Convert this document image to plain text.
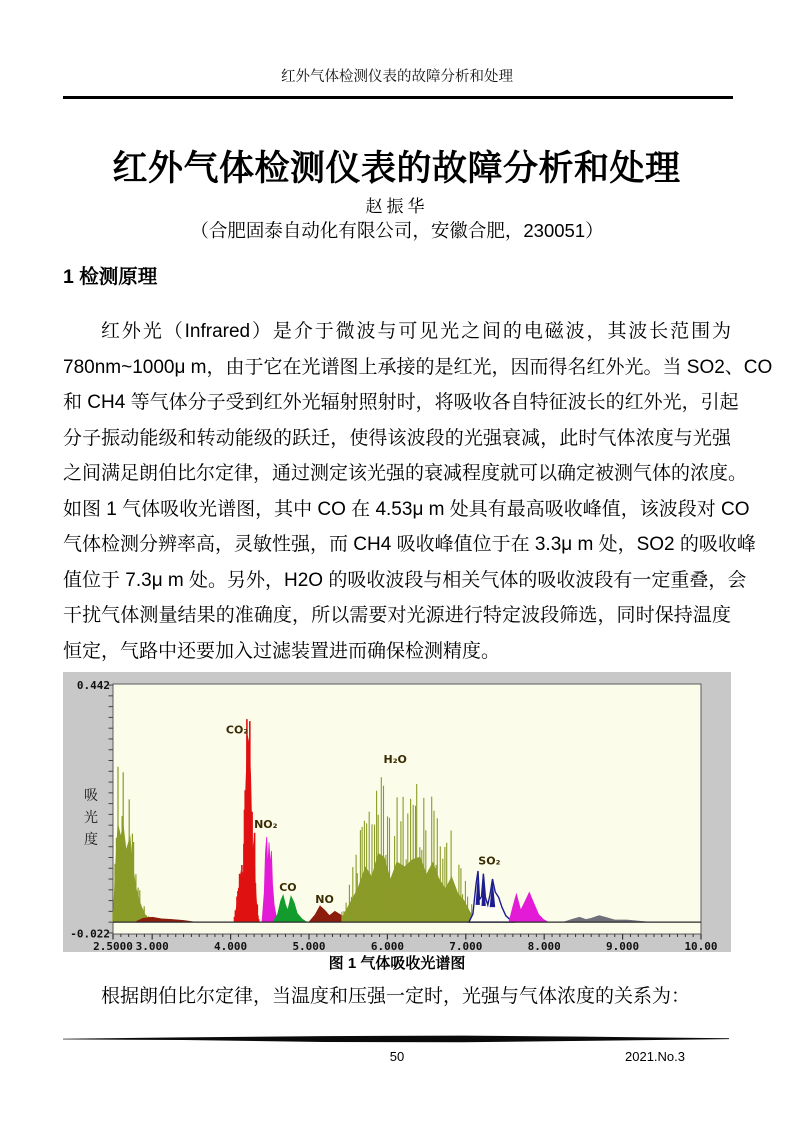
红外气体检测仪表的故障分析和处理
红外气体检测仪表的故障分析和处理
赵振华
（合肥固泰自动化有限公司，安徽合肥，230051）
1 检测原理
红外光（Infrared）是介于微波与可见光之间的电磁波，其波长范围为
780nm~1000μ m，由于它在光谱图上承接的是红光，因而得名红外光。当 SO2、CO
和 CH4 等气体分子受到红外光辐射照射时，将吸收各自特征波长的红外光，引起
分子振动能级和转动能级的跃迁，使得该波段的光强衰减，此时气体浓度与光强
之间满足朗伯比尔定律，通过测定该光强的衰减程度就可以确定被测气体的浓度。
如图 1 气体吸收光谱图，其中 CO 在 4.53μ m 处具有最高吸收峰值，该波段对 CO
气体检测分辨率高，灵敏性强，而 CH4 吸收峰值位于在 3.3μ m 处，SO2 的吸收峰
值位于 7.3μ m 处。另外，H2O 的吸收波段与相关气体的吸收波段有一定重叠，会
干扰气体测量结果的准确度，所以需要对光源进行特定波段筛选，同时保持温度
恒定，气路中还要加入过滤装置进而确保检测精度。
CO₂
NO₂
CO
NO
H₂O
SO₂
0.442
-0.022
2.5000 3.000	4.000	5.000	6.000	7.000	8.000	9.000	10.00
吸
光
度
图 1 气体吸收光谱图
根据朗伯比尔定律，当温度和压强一定时，光强与气体浓度的关系为：
50	2021.No.3
